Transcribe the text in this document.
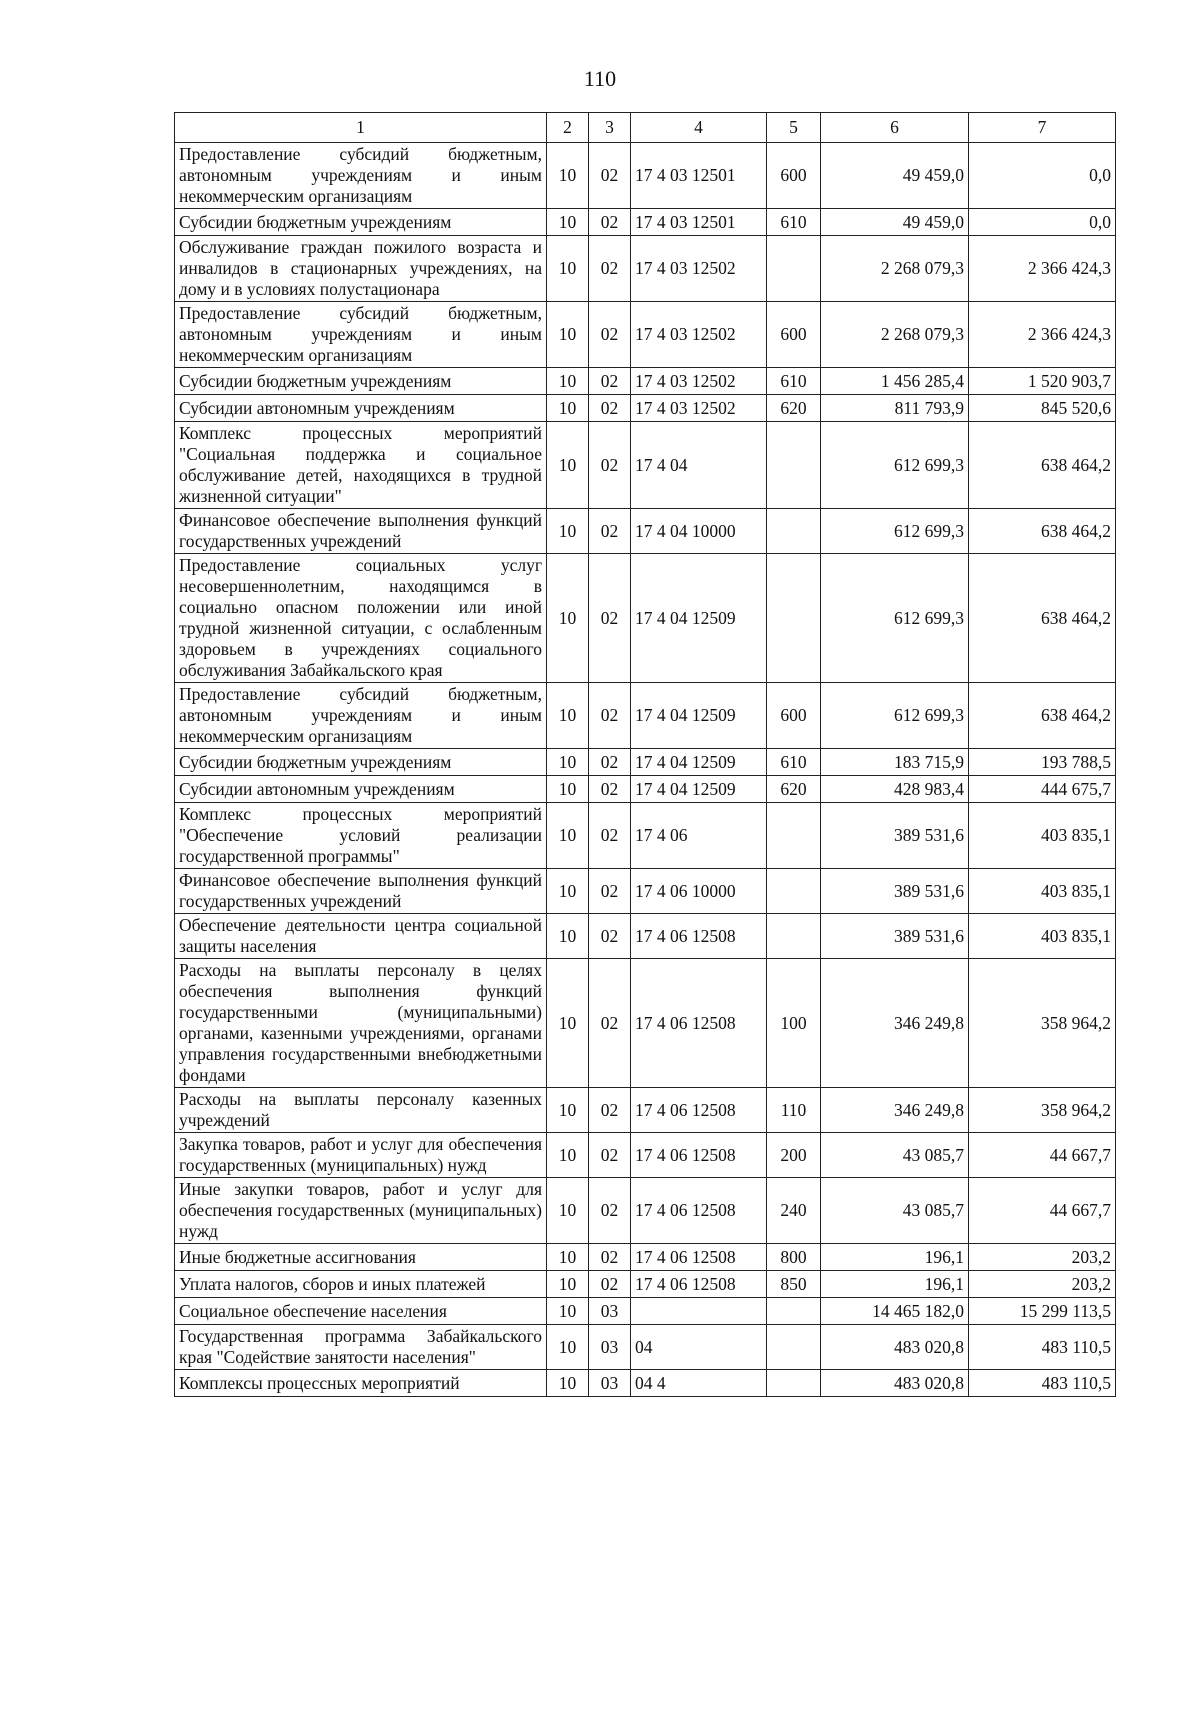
110
1	2	3	4	5	6	7
Предоставление субсидий бюджетным, автономным учреждениям и иным некоммерческим организациям	10	02	17 4 03 12501	600	49 459,0	0,0
Субсидии бюджетным учреждениям	10	02	17 4 03 12501	610	49 459,0	0,0
Обслуживание граждан пожилого возраста и инвалидов в стационарных учреждениях, на дому и в условиях полустационара	10	02	17 4 03 12502		2 268 079,3	2 366 424,3
Предоставление субсидий бюджетным, автономным учреждениям и иным некоммерческим организациям	10	02	17 4 03 12502	600	2 268 079,3	2 366 424,3
Субсидии бюджетным учреждениям	10	02	17 4 03 12502	610	1 456 285,4	1 520 903,7
Субсидии автономным учреждениям	10	02	17 4 03 12502	620	811 793,9	845 520,6
Комплекс процессных мероприятий "Социальная поддержка и социальное обслуживание детей, находящихся в трудной жизненной ситуации"	10	02	17 4 04		612 699,3	638 464,2
Финансовое обеспечение выполнения функций государственных учреждений	10	02	17 4 04 10000		612 699,3	638 464,2
Предоставление социальных услуг несовершеннолетним, находящимся в социально опасном положении или иной трудной жизненной ситуации, с ослабленным здоровьем в учреждениях социального обслуживания Забайкальского края	10	02	17 4 04 12509		612 699,3	638 464,2
Предоставление субсидий бюджетным, автономным учреждениям и иным некоммерческим организациям	10	02	17 4 04 12509	600	612 699,3	638 464,2
Субсидии бюджетным учреждениям	10	02	17 4 04 12509	610	183 715,9	193 788,5
Субсидии автономным учреждениям	10	02	17 4 04 12509	620	428 983,4	444 675,7
Комплекс процессных мероприятий "Обеспечение условий реализации государственной программы"	10	02	17 4 06		389 531,6	403 835,1
Финансовое обеспечение выполнения функций государственных учреждений	10	02	17 4 06 10000		389 531,6	403 835,1
Обеспечение деятельности центра социальной защиты населения	10	02	17 4 06 12508		389 531,6	403 835,1
Расходы на выплаты персоналу в целях обеспечения выполнения функций государственными (муниципальными) органами, казенными учреждениями, органами управления государственными внебюджетными фондами	10	02	17 4 06 12508	100	346 249,8	358 964,2
Расходы на выплаты персоналу казенных учреждений	10	02	17 4 06 12508	110	346 249,8	358 964,2
Закупка товаров, работ и услуг для обеспечения государственных (муниципальных) нужд	10	02	17 4 06 12508	200	43 085,7	44 667,7
Иные закупки товаров, работ и услуг для обеспечения государственных (муниципальных) нужд	10	02	17 4 06 12508	240	43 085,7	44 667,7
Иные бюджетные ассигнования	10	02	17 4 06 12508	800	196,1	203,2
Уплата налогов, сборов и иных платежей	10	02	17 4 06 12508	850	196,1	203,2
Социальное обеспечение населения	10	03			14 465 182,0	15 299 113,5
Государственная программа Забайкальского края "Содействие занятости населения"	10	03	04		483 020,8	483 110,5
Комплексы процессных мероприятий	10	03	04 4		483 020,8	483 110,5
